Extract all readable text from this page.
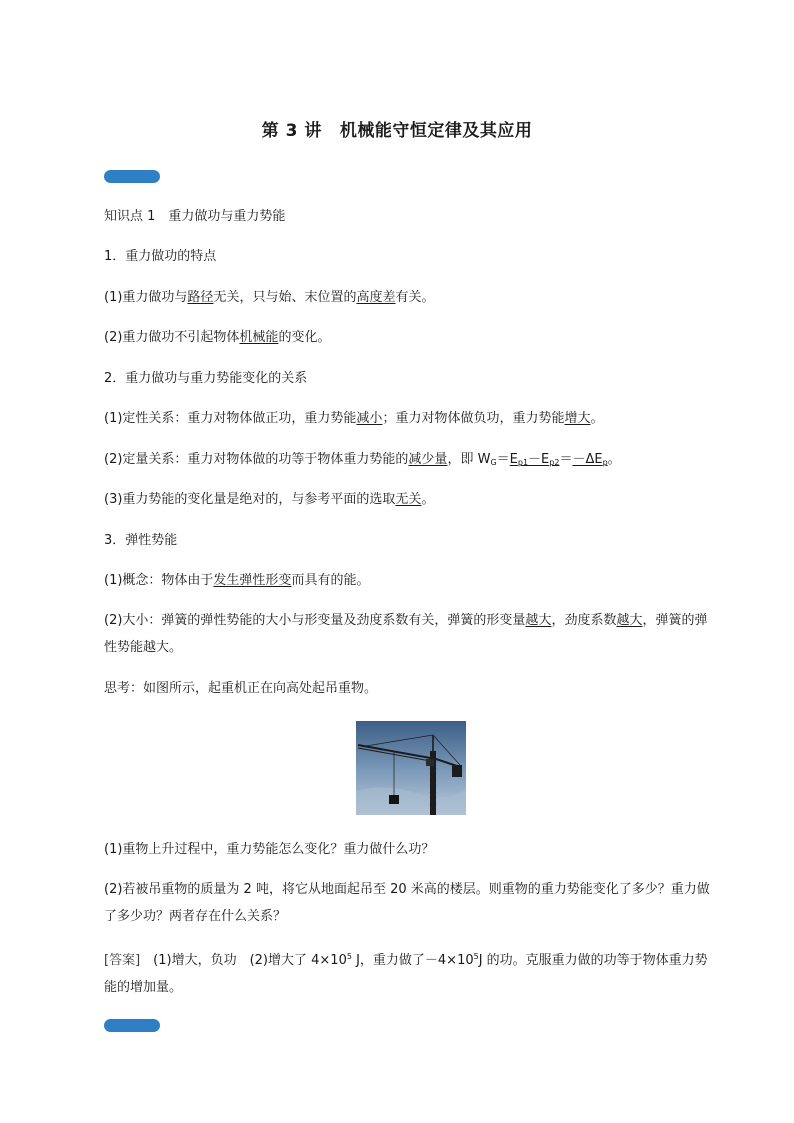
第 3 讲 机械能守恒定律及其应用
知识点 1　重力做功与重力势能
1．重力做功的特点
(1)重力做功与路径无关，只与始、末位置的高度差有关。
(2)重力做功不引起物体机械能的变化。
2．重力做功与重力势能变化的关系
(1)定性关系：重力对物体做正功，重力势能减小；重力对物体做负功，重力势能增大。
(2)定量关系：重力对物体做的功等于物体重力势能的减少量，即 $W_G=E_{p1}-E_{p2}=-\Delta E_p$。
(3)重力势能的变化量是绝对的，与参考平面的选取无关。
3．弹性势能
(1)概念：物体由于发生弹性形变而具有的能。
(2)大小：弹簧的弹性势能的大小与形变量及劲度系数有关，弹簧的形变量越大，劲度系数越大，弹簧的弹性势能越大。
思考：如图所示，起重机正在向高处起吊重物。
(1)重物上升过程中，重力势能怎么变化？重力做什么功？
(2)若被吊重物的质量为 2 吨，将它从地面起吊至 20 米高的楼层。则重物的重力势能变化了多少？重力做了多少功？两者存在什么关系？
[答案]　 (1)增大，负功　(2)增大了 $4\times 10^5$ J，重力做了$-4\times 10^5J$ 的功。克服重力做的功等于物体重力势能的增加量。
